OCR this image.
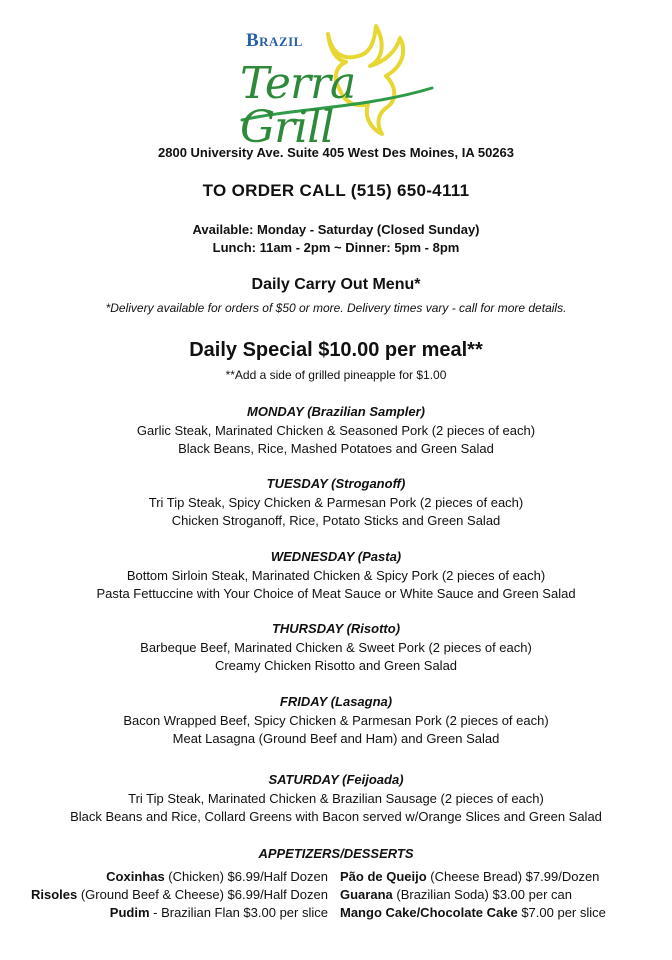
Brazil
Terra Grill
2800 University Ave. Suite 405 West Des Moines, IA 50263
TO ORDER CALL (515) 650-4111
Available: Monday - Saturday (Closed Sunday)
Lunch: 11am - 2pm ~ Dinner: 5pm - 8pm
Daily Carry Out Menu*
*Delivery available for orders of $50 or more. Delivery times vary - call for more details.
Daily Special $10.00 per meal**
**Add a side of grilled pineapple for $1.00
MONDAY (Brazilian Sampler)
Garlic Steak, Marinated Chicken & Seasoned Pork (2 pieces of each)
Black Beans, Rice, Mashed Potatoes and Green Salad
TUESDAY (Stroganoff)
Tri Tip Steak, Spicy Chicken & Parmesan Pork (2 pieces of each)
Chicken Stroganoff, Rice, Potato Sticks and Green Salad
WEDNESDAY (Pasta)
Bottom Sirloin Steak, Marinated Chicken & Spicy Pork (2 pieces of each)
Pasta Fettuccine with Your Choice of Meat Sauce or White Sauce and Green Salad
THURSDAY (Risotto)
Barbeque Beef, Marinated Chicken & Sweet Pork (2 pieces of each)
Creamy Chicken Risotto and Green Salad
FRIDAY (Lasagna)
Bacon Wrapped Beef, Spicy Chicken & Parmesan Pork (2 pieces of each)
Meat Lasagna (Ground Beef and Ham) and Green Salad
SATURDAY (Feijoada)
Tri Tip Steak, Marinated Chicken & Brazilian Sausage (2 pieces of each)
Black Beans and Rice, Collard Greens with Bacon served w/Orange Slices and Green Salad
APPETIZERS/DESSERTS
Coxinhas (Chicken) $6.99/Half Dozen Pão de Queijo (Cheese Bread) $7.99/Dozen
Risoles (Ground Beef & Cheese) $6.99/Half Dozen Guarana (Brazilian Soda) $3.00 per can
Pudim - Brazilian Flan $3.00 per slice Mango Cake/Chocolate Cake $7.00 per slice
